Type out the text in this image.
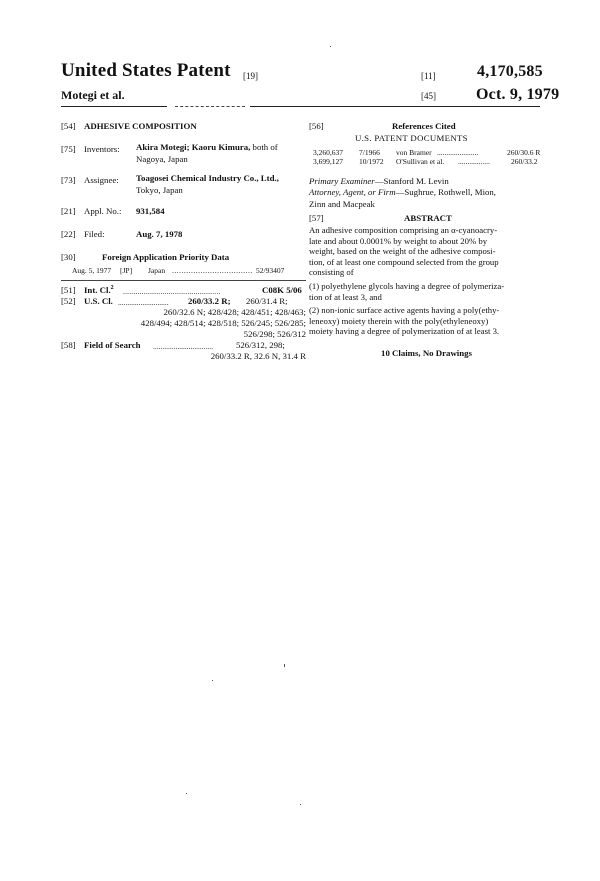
United States Patent [19]
Motegi et al.
[11]	4,170,585
[45]	Oct. 9, 1979
[54] ADHESIVE COMPOSITION
[75] Inventors: Akira Motegi; Kaoru Kimura, both of
Nagoya, Japan
[73] Assignee: Toagosei Chemical Industry Co., Ltd.,
Tokyo, Japan
[21] Appl. No.: 931,584
[22] Filed:	Aug. 7, 1978
[30]	Foreign Application Priority Data
Aug. 5, 1977 [JP] Japan .................................. 52/93407
[51] Int. Cl.$^2$ ...............................................	C08K 5/06
[52] U.S. Cl. ........................... 260/33.2 R; 260/31.4 R;
260/32.6 N; 428/428; 428/451; 428/463;
428/494; 428/514; 428/518; 526/245; 526/285;
526/298; 526/312
[58] Field of Search ................................	526/312, 298;
260/33.2 R, 32.6 N, 31.4 R
[56]	References Cited
U.S. PATENT DOCUMENTS
3,260,637 7/1966 von Bramer ......................	260/30.6 R
3,699,127 10/1972 O'Sullivan et al. .................	260/33.2
Primary Examiner—Stanford M. Levin
Attorney, Agent, or Firm—Sughrue, Rothwell, Mion,
Zinn and Macpeak
[57]	ABSTRACT
An adhesive composition comprising an α-cyanoacry-
late and about 0.0001% by weight to about 20% by
weight, based on the weight of the adhesive composi-
tion, of at least one compound selected from the group
consisting of
(1) polyethylene glycols having a degree of polymeriza-
tion of at least 3, and
(2) non-ionic surface active agents having a poly(ethy-
leneoxy) moiety therein with the poly(ethyleneoxy)
moiety having a degree of polymerization of at least 3.
10 Claims, No Drawings
